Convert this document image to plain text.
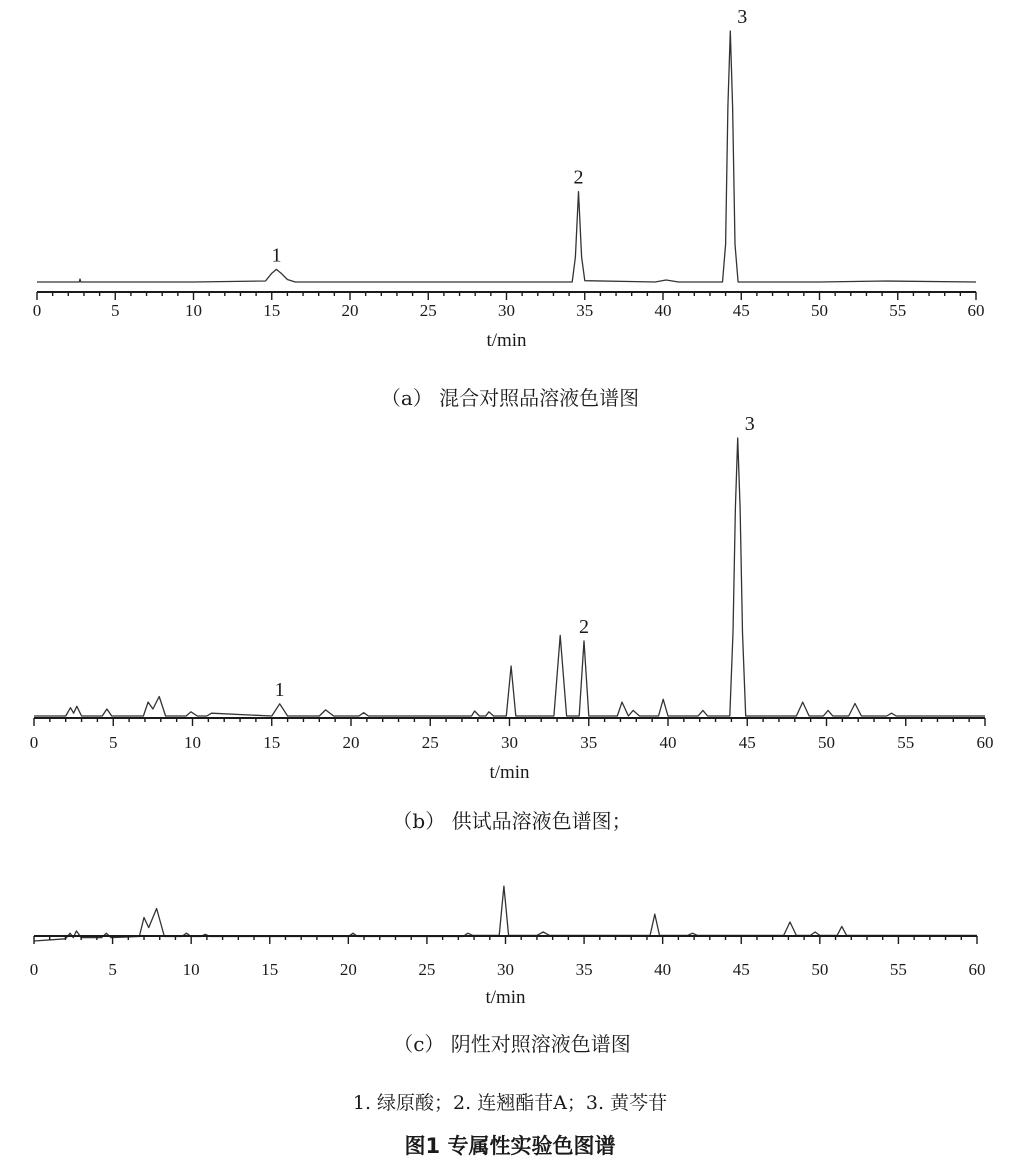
0	5	10	15	20	25	30	35	40	45	50	55	60
t/min
1
2
3
0	5	10	15	20	25	30	35	40	45	50	55	60
t/min
1
2
3
0	5	10	15	20	25	30	35	40	45	50	55	60
t/min
（a） 混合对照品溶液色谱图
（b） 供试品溶液色谱图；
（c） 阴性对照溶液色谱图
1. 绿原酸；2. 连翘酯苷A；3. 黄芩苷
图1 专属性实验色图谱
